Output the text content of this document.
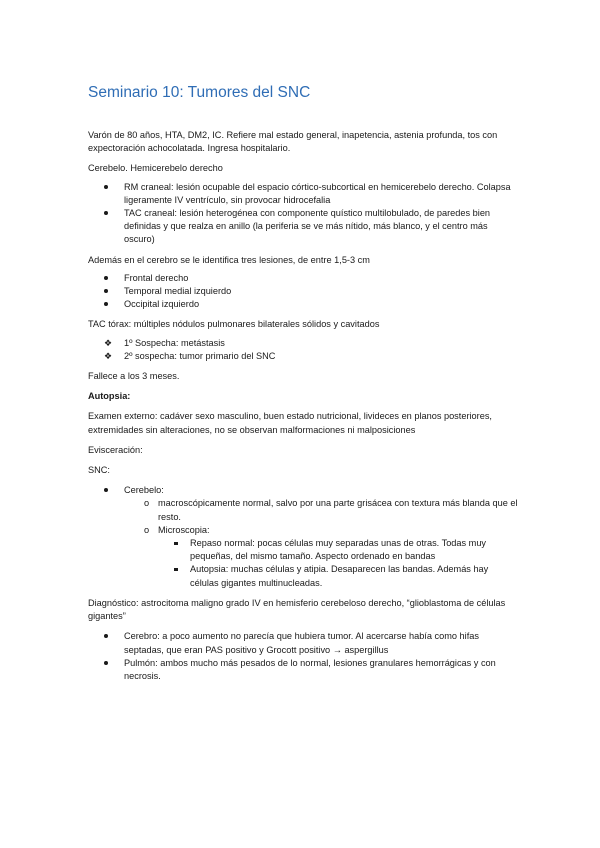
Seminario 10: Tumores del SNC

Varón de 80 años, HTA, DM2, IC. Refiere mal estado general, inapetencia, astenia profunda, tos con expectoración achocolatada. Ingresa hospitalario.

Cerebelo. Hemicerebelo derecho

RM craneal: lesión ocupable del espacio córtico-subcortical en hemicerebelo derecho. Colapsa ligeramente IV ventrículo, sin provocar hidrocefalia
TAC craneal: lesión heterogénea con componente quístico multilobulado, de paredes bien definidas y que realza en anillo (la periferia se ve más nítido, más blanco, y el centro más oscuro)

Además en el cerebro se le identifica tres lesiones, de entre 1,5-3 cm

Frontal derecho
Temporal medial izquierdo
Occipital izquierdo

TAC tórax: múltiples nódulos pulmonares bilaterales sólidos y cavitados

❖	1º Sospecha: metástasis
❖	2º sospecha: tumor primario del SNC

Fallece a los 3 meses.

Autopsia:

Examen externo: cadáver sexo masculino, buen estado nutricional, livideces en planos posteriores, extremidades sin alteraciones, no se observan malformaciones ni malposiciones

Evisceración:

SNC:

Cerebelo:
o macroscópicamente normal, salvo por una parte grisácea con textura más blanda que el resto.
o Microscopia:
Repaso normal: pocas células muy separadas unas de otras. Todas muy pequeñas, del mismo tamaño. Aspecto ordenado en bandas
Autopsia: muchas células y atipia. Desaparecen las bandas. Además hay células gigantes multinucleadas.

Diagnóstico: astrocitoma maligno grado IV en hemisferio cerebeloso derecho, “glioblastoma de células gigantes”

Cerebro: a poco aumento no parecía que hubiera tumor. Al acercarse había como hifas septadas, que eran PAS positivo y Grocott positivo → aspergillus
Pulmón: ambos mucho más pesados de lo normal, lesiones granulares hemorrágicas y con necrosis.
